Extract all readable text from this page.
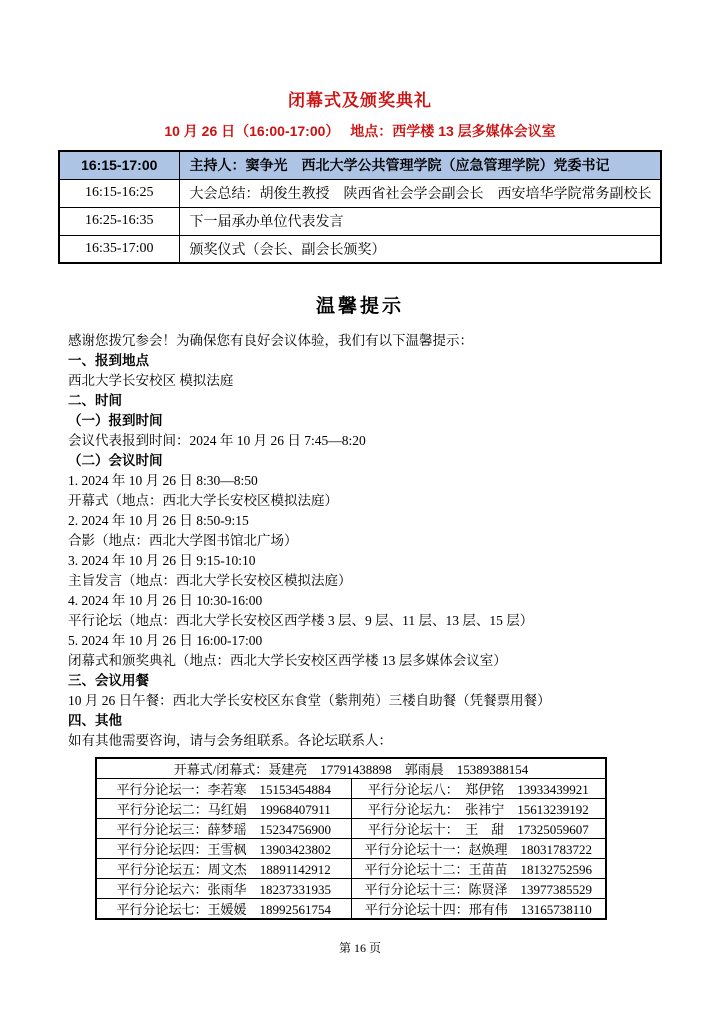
闭幕式及颁奖典礼
10 月 26 日（16:00-17:00）　 地点：西学楼 13 层多媒体会议室
16:15-17:00	主持人：窦争光　西北大学公共管理学院（应急管理学院）党委书记
16:15-16:25	大会总结：胡俊生教授　陕西省社会学会副会长　西安培华学院常务副校长
16:25-16:35	下一届承办单位代表发言
16:35-17:00	颁奖仪式（会长、副会长颁奖）
温馨提示
感谢您拨冗参会！为确保您有良好会议体验，我们有以下温馨提示：
一、报到地点
西北大学长安校区 模拟法庭
二、时间
（一）报到时间
会议代表报到时间：2024 年 10 月 26 日 7:45—8:20
（二）会议时间
1. 2024 年 10 月 26 日 8:30—8:50
开幕式（地点：西北大学长安校区模拟法庭）
2. 2024 年 10 月 26 日 8:50-9:15
合影（地点：西北大学图书馆北广场）
3. 2024 年 10 月 26 日 9:15-10:10
主旨发言（地点：西北大学长安校区模拟法庭）
4. 2024 年 10 月 26 日 10:30-16:00
平行论坛（地点：西北大学长安校区西学楼 3 层、9 层、11 层、13 层、15 层）
5. 2024 年 10 月 26 日 16:00-17:00
闭幕式和颁奖典礼（地点：西北大学长安校区西学楼 13 层多媒体会议室）
三、会议用餐
10 月 26 日午餐：西北大学长安校区东食堂（紫荆苑）三楼自助餐（凭餐票用餐）
四、其他
如有其他需要咨询，请与会务组联系。各论坛联系人：
开幕式/闭幕式：聂建亮　17791438898　郭雨晨　15389388154	
平行分论坛一：李若寒　15153454884	平行分论坛八：　郑伊铭　13933439921
平行分论坛二：马红娟　19968407911	平行分论坛九：　张祎宁　15613239192
平行分论坛三：薛梦瑶　15234756900	平行分论坛十：　王　甜　17325059607
平行分论坛四：王雪枫　13903423802	平行分论坛十一：赵焕理　18031783722
平行分论坛五：周文杰　18891142912	平行分论坛十二：王苗苗　18132752596
平行分论坛六：张雨华　18237331935	平行分论坛十三：陈贤泽　13977385529
平行分论坛七：王媛媛　18992561754	平行分论坛十四：邢有伟　13165738110
第 16 页
